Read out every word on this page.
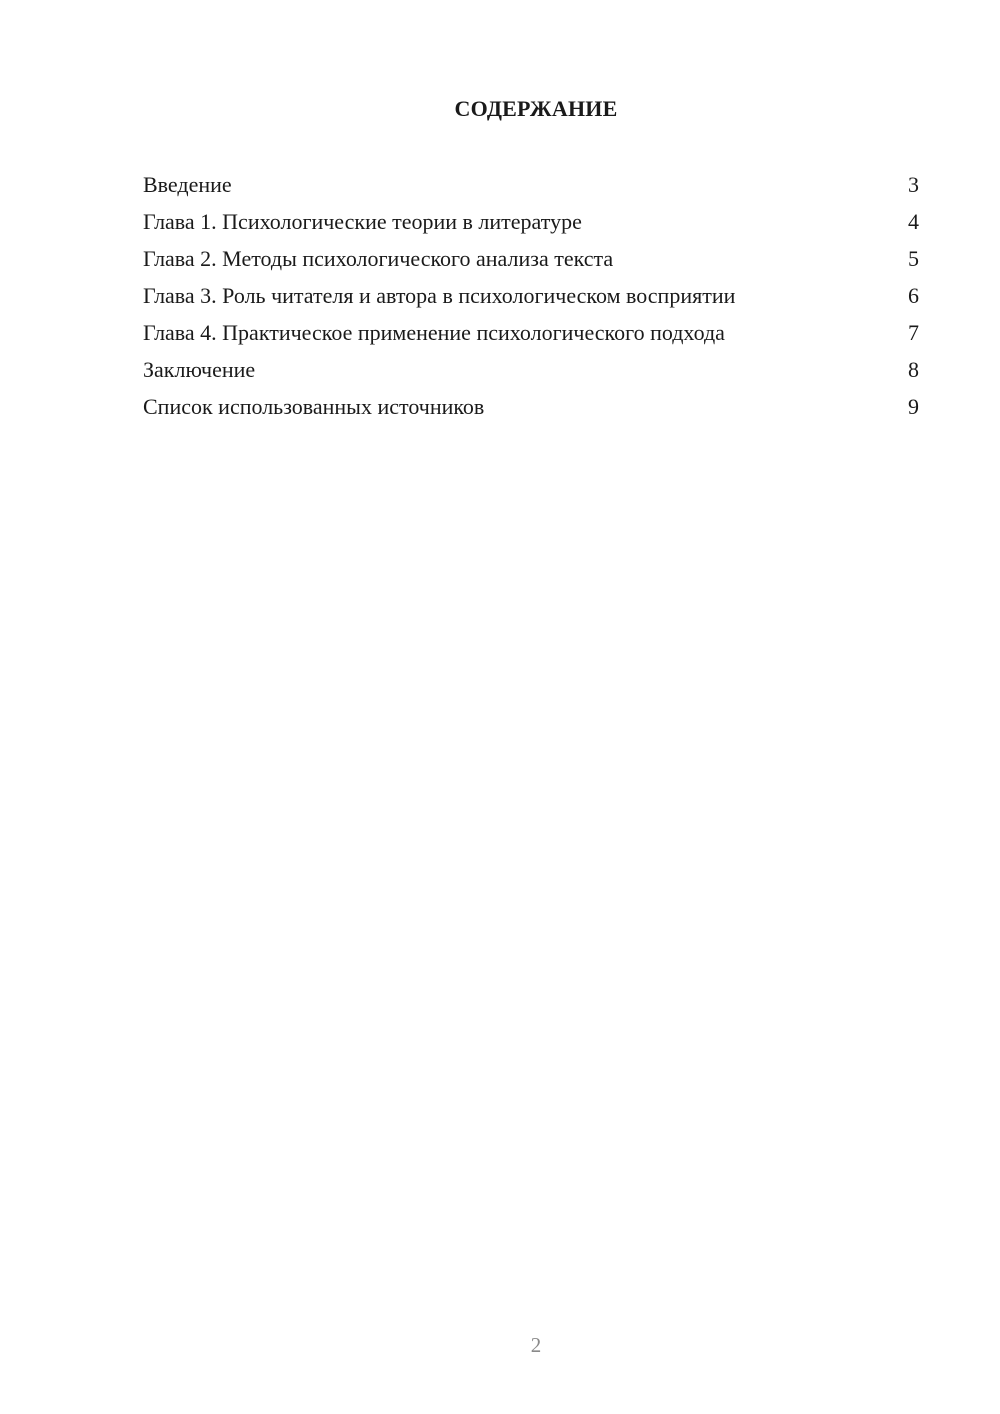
СОДЕРЖАНИЕ
Введение	3
Глава 1. Психологические теории в литературе	4
Глава 2. Методы психологического анализа текста	5
Глава 3. Роль читателя и автора в психологическом восприятии	6
Глава 4. Практическое применение психологического подхода	7
Заключение	8
Список использованных источников	9
2
